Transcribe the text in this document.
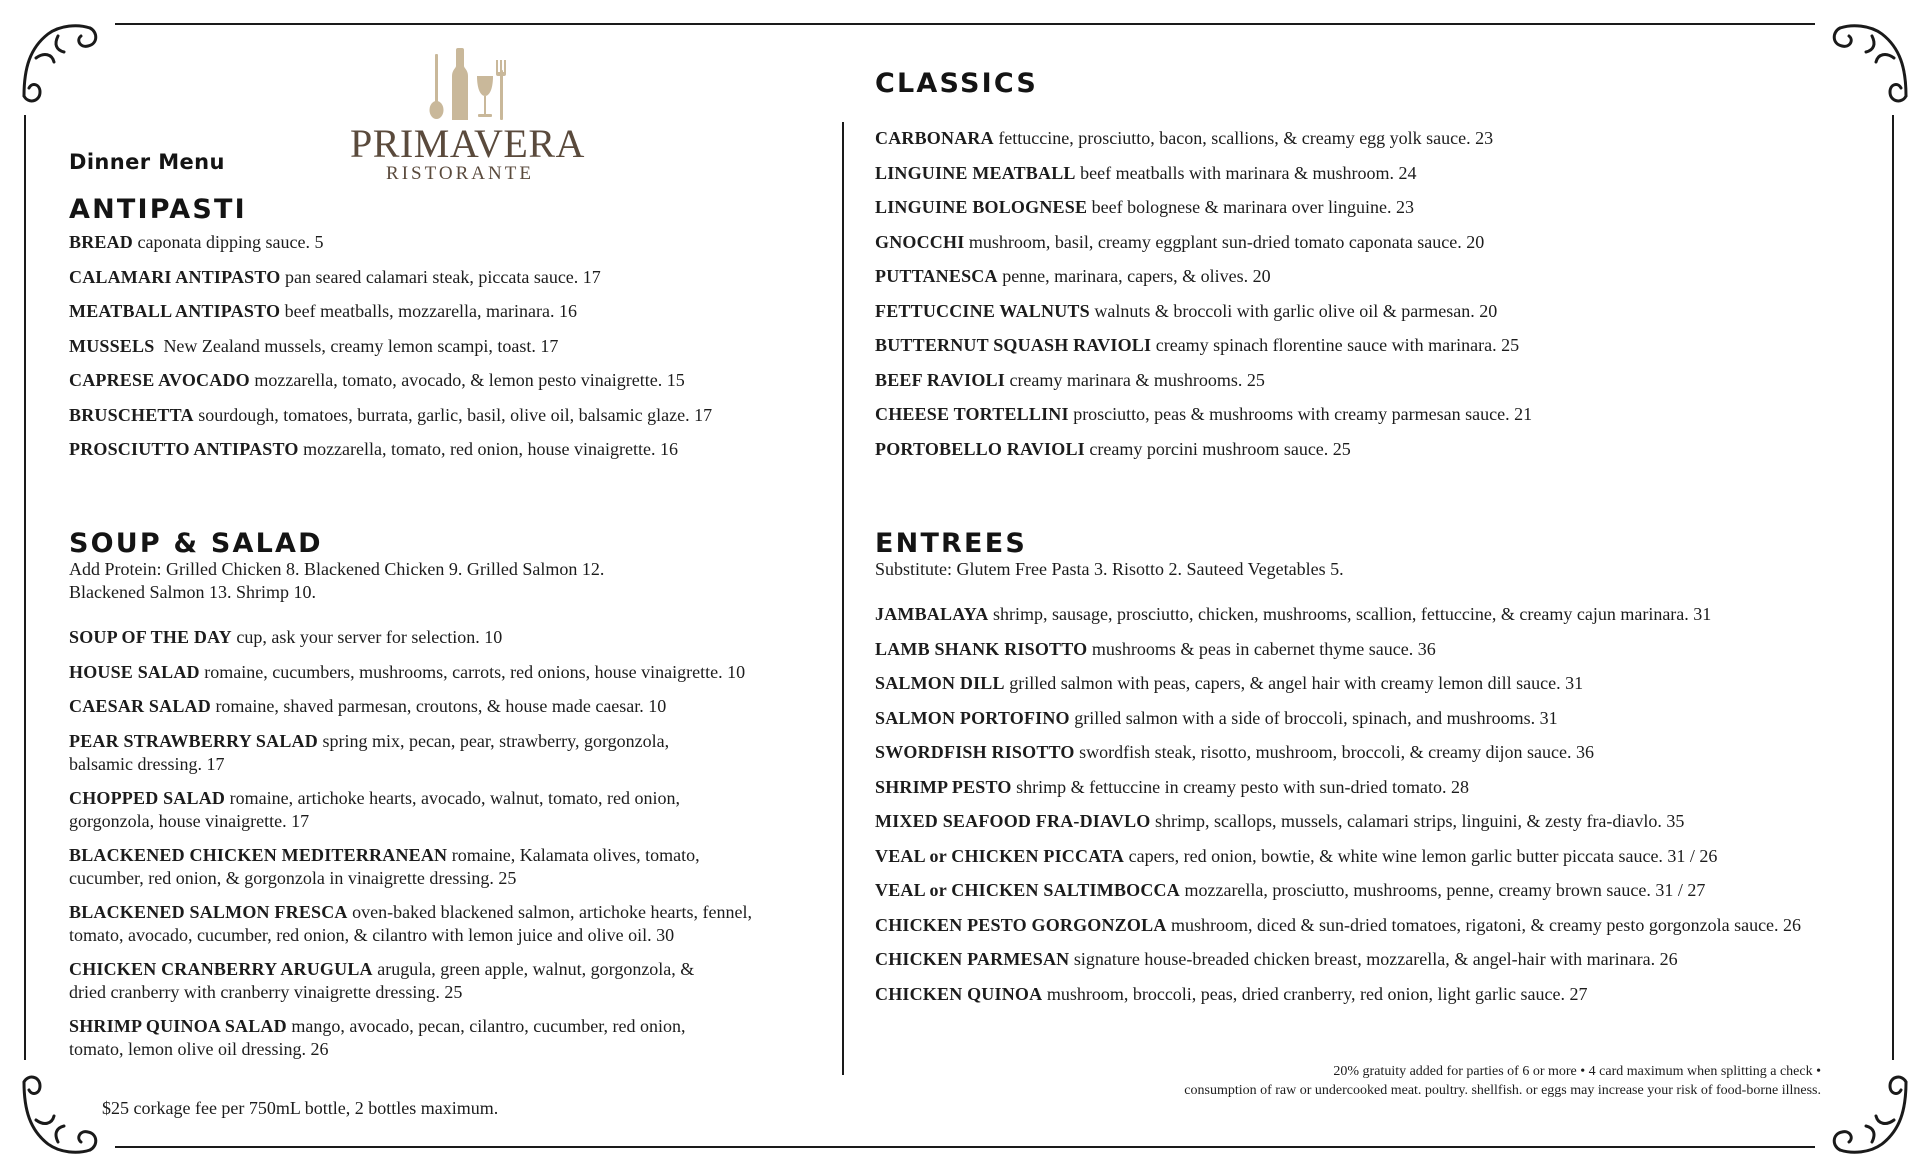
PRIMAVERA
RISTORANTE
Dinner Menu
ANTIPASTI

BREAD caponata dipping sauce. 5

CALAMARI ANTIPASTO pan seared calamari steak, piccata sauce. 17

MEATBALL ANTIPASTO beef meatballs, mozzarella, marinara. 16

MUSSELS  New Zealand mussels, creamy lemon scampi, toast. 17

CAPRESE AVOCADO mozzarella, tomato, avocado, & lemon pesto vinaigrette. 15

BRUSCHETTA sourdough, tomatoes, burrata, garlic, basil, olive oil, balsamic glaze. 17

PROSCIUTTO ANTIPASTO mozzarella, tomato, red onion, house vinaigrette. 16

SOUP & SALAD
Add Protein: Grilled Chicken 8. Blackened Chicken 9. Grilled Salmon 12.
Blackened Salmon 13. Shrimp 10.

SOUP OF THE DAY cup, ask your server for selection. 10

HOUSE SALAD romaine, cucumbers, mushrooms, carrots, red onions, house vinaigrette. 10

CAESAR SALAD romaine, shaved parmesan, croutons, & house made caesar. 10

PEAR STRAWBERRY SALAD spring mix, pecan, pear, strawberry, gorgonzola,
balsamic dressing. 17

CHOPPED SALAD romaine, artichoke hearts, avocado, walnut, tomato, red onion,
gorgonzola, house vinaigrette. 17

BLACKENED CHICKEN MEDITERRANEAN romaine, Kalamata olives, tomato,
cucumber, red onion, & gorgonzola in vinaigrette dressing. 25

BLACKENED SALMON FRESCA oven-baked blackened salmon, artichoke hearts, fennel,
tomato, avocado, cucumber, red onion, & cilantro with lemon juice and olive oil. 30

CHICKEN CRANBERRY ARUGULA arugula, green apple, walnut, gorgonzola, &
dried cranberry with cranberry vinaigrette dressing. 25

SHRIMP QUINOA SALAD mango, avocado, pecan, cilantro, cucumber, red onion,
tomato, lemon olive oil dressing. 26

$25 corkage fee per 750mL bottle, 2 bottles maximum.
CLASSICS

CARBONARA fettuccine, prosciutto, bacon, scallions, & creamy egg yolk sauce. 23

LINGUINE MEATBALL beef meatballs with marinara & mushroom. 24

LINGUINE BOLOGNESE beef bolognese & marinara over linguine. 23

GNOCCHI mushroom, basil, creamy eggplant sun-dried tomato caponata sauce. 20

PUTTANESCA penne, marinara, capers, & olives. 20

FETTUCCINE WALNUTS walnuts & broccoli with garlic olive oil & parmesan. 20

BUTTERNUT SQUASH RAVIOLI creamy spinach florentine sauce with marinara. 25

BEEF RAVIOLI creamy marinara & mushrooms. 25

CHEESE TORTELLINI prosciutto, peas & mushrooms with creamy parmesan sauce. 21

PORTOBELLO RAVIOLI creamy porcini mushroom sauce. 25

ENTREES
Substitute: Glutem Free Pasta 3. Risotto 2. Sauteed Vegetables 5.

JAMBALAYA shrimp, sausage, prosciutto, chicken, mushrooms, scallion, fettuccine, & creamy cajun marinara. 31

LAMB SHANK RISOTTO mushrooms & peas in cabernet thyme sauce. 36

SALMON DILL grilled salmon with peas, capers, & angel hair with creamy lemon dill sauce. 31

SALMON PORTOFINO grilled salmon with a side of broccoli, spinach, and mushrooms. 31

SWORDFISH RISOTTO swordfish steak, risotto, mushroom, broccoli, & creamy dijon sauce. 36

SHRIMP PESTO shrimp & fettuccine in creamy pesto with sun-dried tomato. 28

MIXED SEAFOOD FRA-DIAVLO shrimp, scallops, mussels, calamari strips, linguini, & zesty fra-diavlo. 35

VEAL or CHICKEN PICCATA capers, red onion, bowtie, & white wine lemon garlic butter piccata sauce. 31 / 26

VEAL or CHICKEN SALTIMBOCCA mozzarella, prosciutto, mushrooms, penne, creamy brown sauce. 31 / 27

CHICKEN PESTO GORGONZOLA mushroom, diced & sun-dried tomatoes, rigatoni, & creamy pesto gorgonzola sauce. 26

CHICKEN PARMESAN signature house-breaded chicken breast, mozzarella, & angel-hair with marinara. 26

CHICKEN QUINOA mushroom, broccoli, peas, dried cranberry, red onion, light garlic sauce. 27

20% gratuity added for parties of 6 or more • 4 card maximum when splitting a check •
consumption of raw or undercooked meat. poultry. shellfish. or eggs may increase your risk of food-borne illness.
